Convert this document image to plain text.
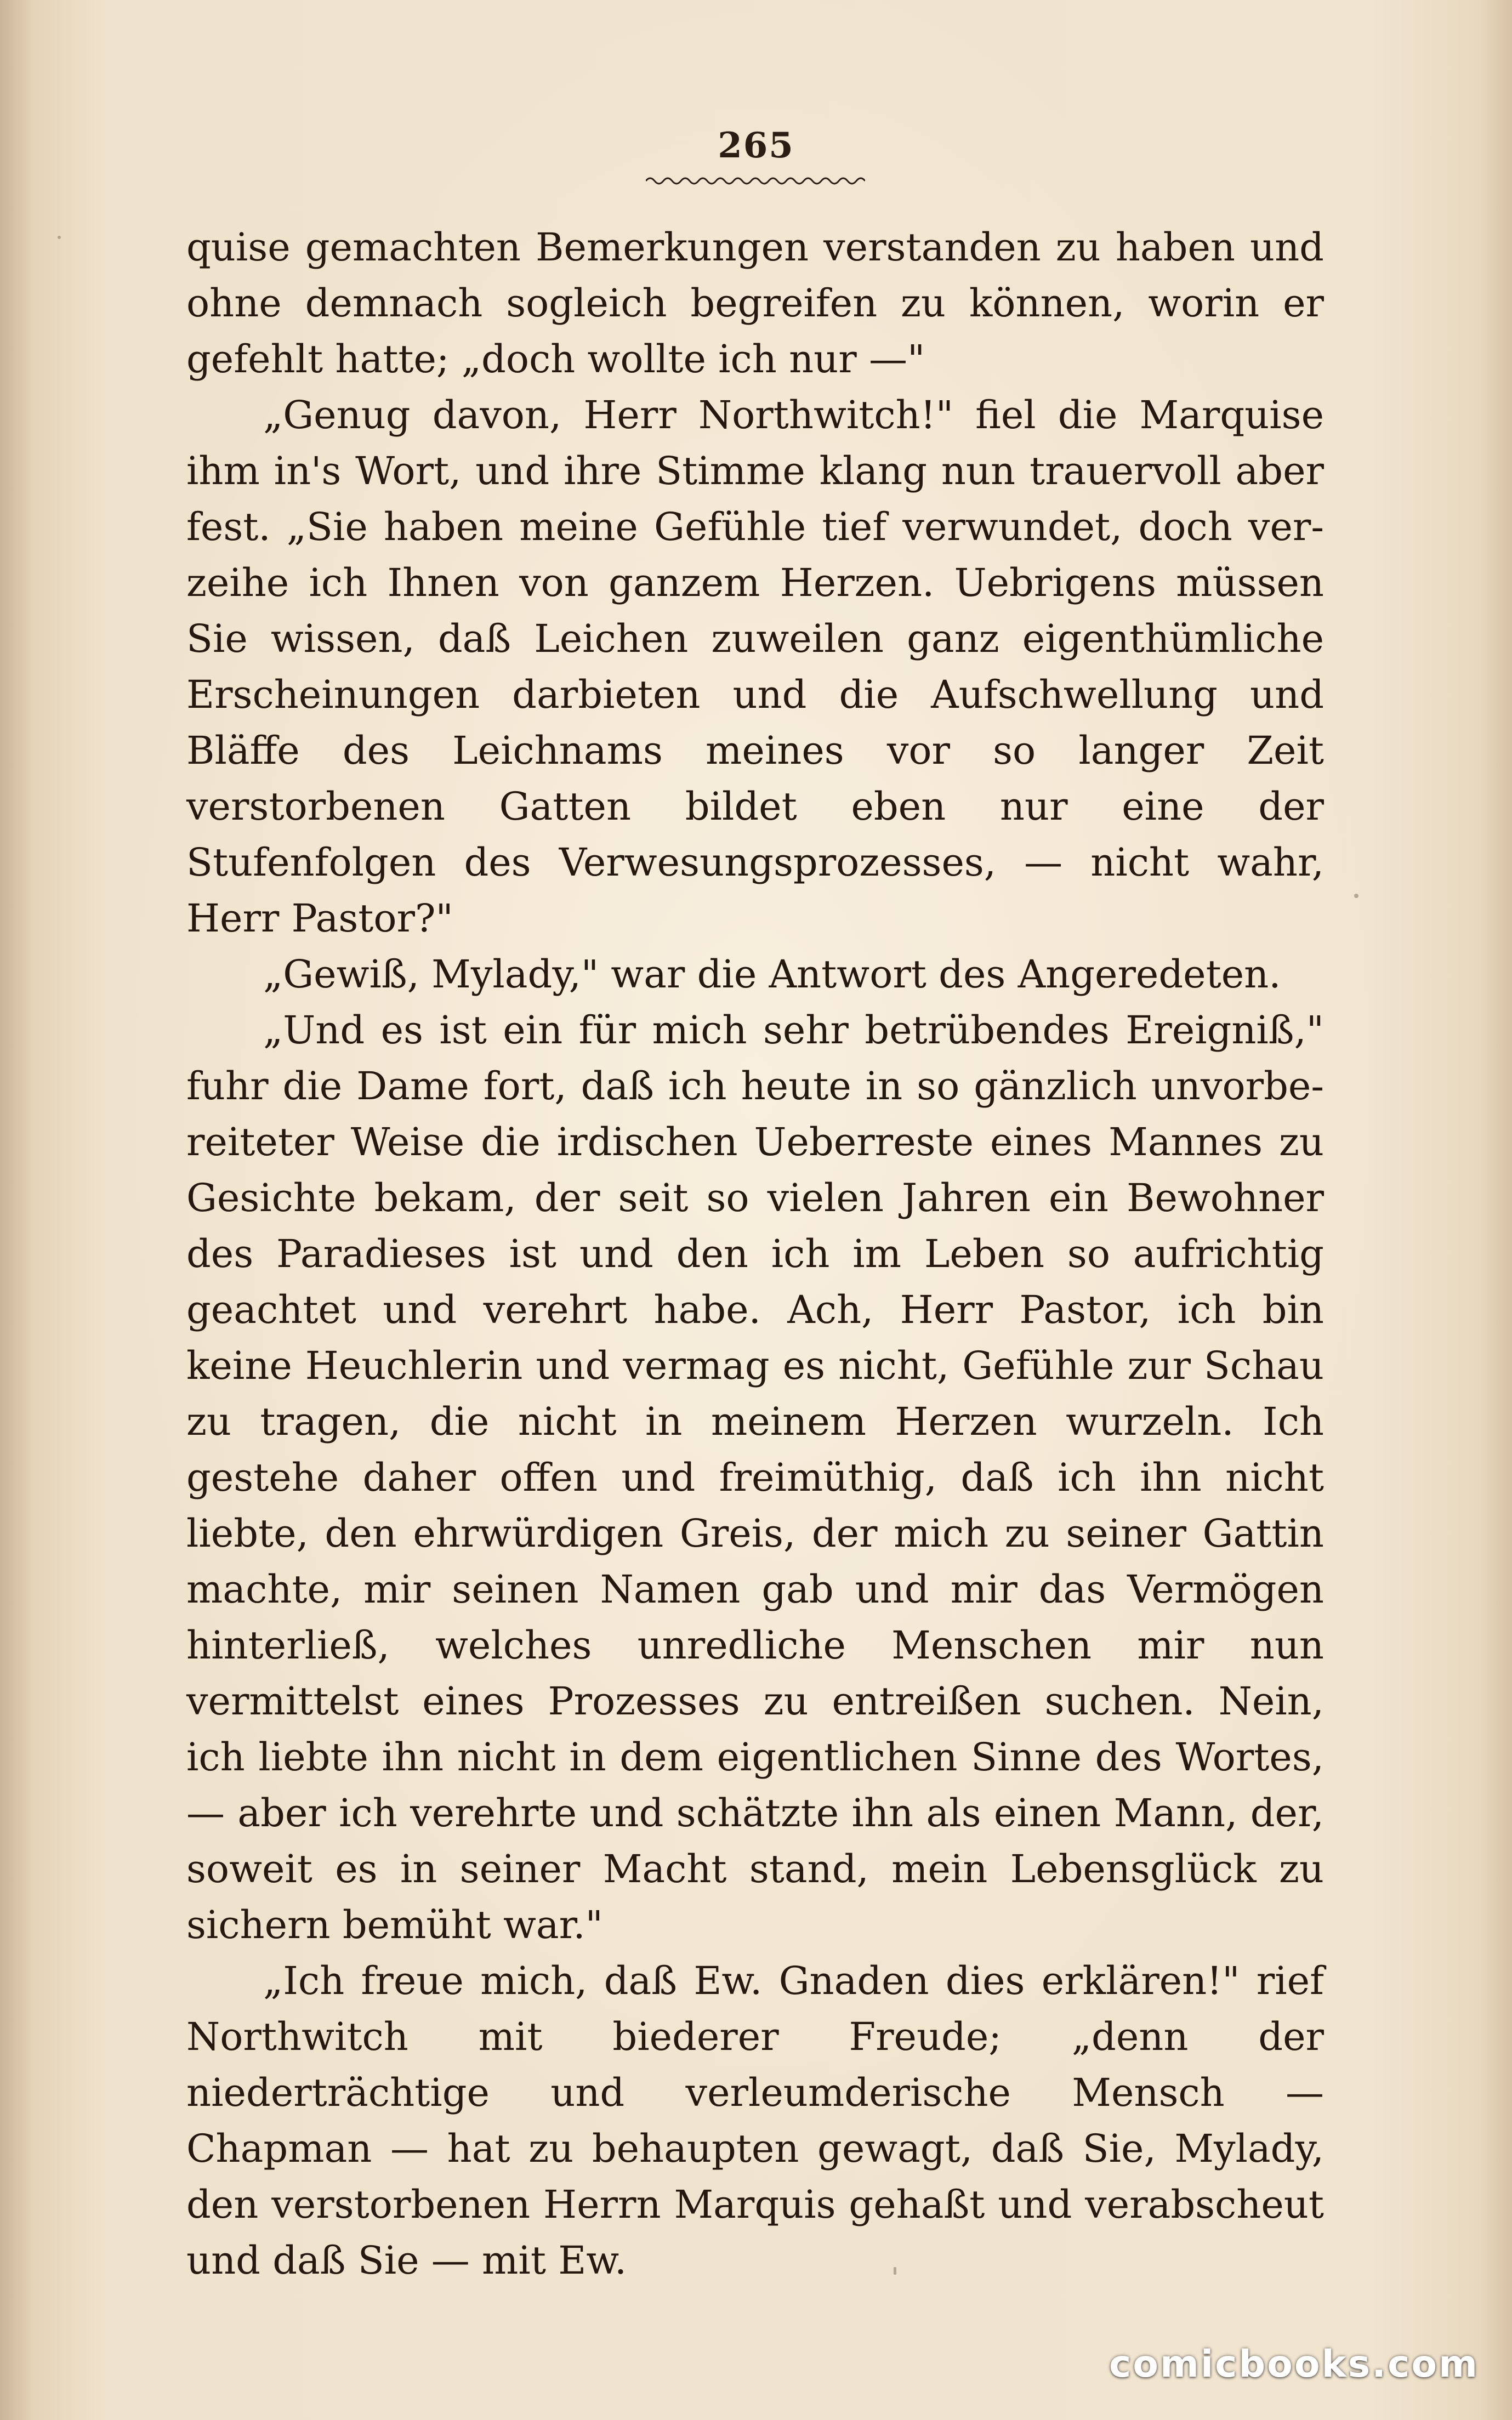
265

quise gemachten Bemerkungen verstanden zu haben und ohne demnach sogleich begreifen zu können, worin er gefehlt hatte; „doch wollte ich nur —"

„Genug davon, Herr Northwitch!" fiel die Marquise ihm in's Wort, und ihre Stimme klang nun trauervoll aber fest. „Sie haben meine Gefühle tief verwundet, doch verzeihe ich Ihnen von ganzem Herzen. Uebrigens müssen Sie wissen, daß Leichen zuweilen ganz eigenthümliche Erscheinungen darbieten und die Aufschwellung und Bläffe des Leichnams meines vor so langer Zeit verstorbenen Gatten bildet eben nur eine der Stufenfolgen des Verwesungsprozesses, — nicht wahr, Herr Pastor?"

„Gewiß, Mylady," war die Antwort des Angeredeten.

„Und es ist ein für mich sehr betrübendes Ereigniß," fuhr die Dame fort, daß ich heute in so gänzlich unvorbereiteter Weise die irdischen Ueberreste eines Mannes zu Gesichte bekam, der seit so vielen Jahren ein Bewohner des Paradieses ist und den ich im Leben so aufrichtig geachtet und verehrt habe. Ach, Herr Pastor, ich bin keine Heuchlerin und vermag es nicht, Gefühle zur Schau zu tragen, die nicht in meinem Herzen wurzeln. Ich gestehe daher offen und freimüthig, daß ich ihn nicht liebte, den ehrwürdigen Greis, der mich zu seiner Gattin machte, mir seinen Namen gab und mir das Vermögen hinterließ, welches unredliche Menschen mir nun vermittelst eines Prozesses zu entreißen suchen. Nein, ich liebte ihn nicht in dem eigentlichen Sinne des Wortes, — aber ich verehrte und schätzte ihn als einen Mann, der, soweit es in seiner Macht stand, mein Lebensglück zu sichern bemüht war."

„Ich freue mich, daß Ew. Gnaden dies erklären!" rief Northwitch mit biederer Freude; „denn der niederträchtige und verleumderische Mensch — Chapman — hat zu behaupten gewagt, daß Sie, Mylady, den verstorbenen Herrn Marquis gehaßt und verabscheut und daß Sie — mit Ew.

comicbooks.com
